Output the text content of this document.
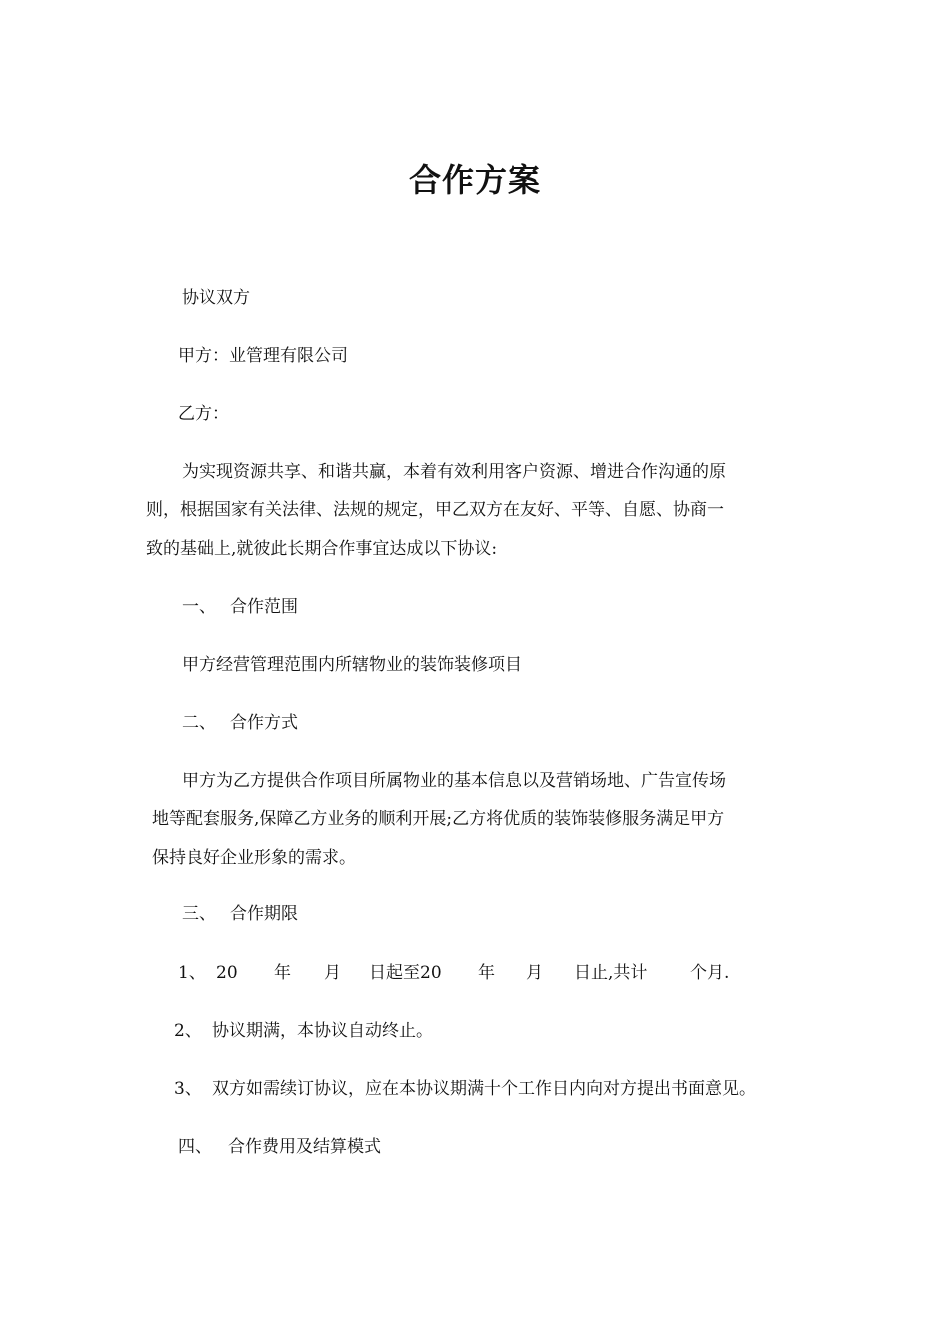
合作方案
协议双方
甲方：业管理有限公司
乙方：
为实现资源共享、和谐共赢，本着有效利用客户资源、增进合作沟通的原
则，根据国家有关法律、法规的规定，甲乙双方在友好、平等、自愿、协商一
致的基础上,就彼此长期合作事宜达成以下协议:
一、 合作范围
甲方经营管理范围内所辖物业的装饰装修项目
二、 合作方式
甲方为乙方提供合作项目所属物业的基本信息以及营销场地、广告宣传场
地等配套服务,保障乙方业务的顺利开展;乙方将优质的装饰装修服务满足甲方
保持良好企业形象的需求。
三、 合作期限
1、 20 年 月 日起至20 年 月 日止,共计	个月.
2、 协议期满，本协议自动终止。
3、 双方如需续订协议，应在本协议期满十个工作日内向对方提出书面意见。
四、 合作费用及结算模式
